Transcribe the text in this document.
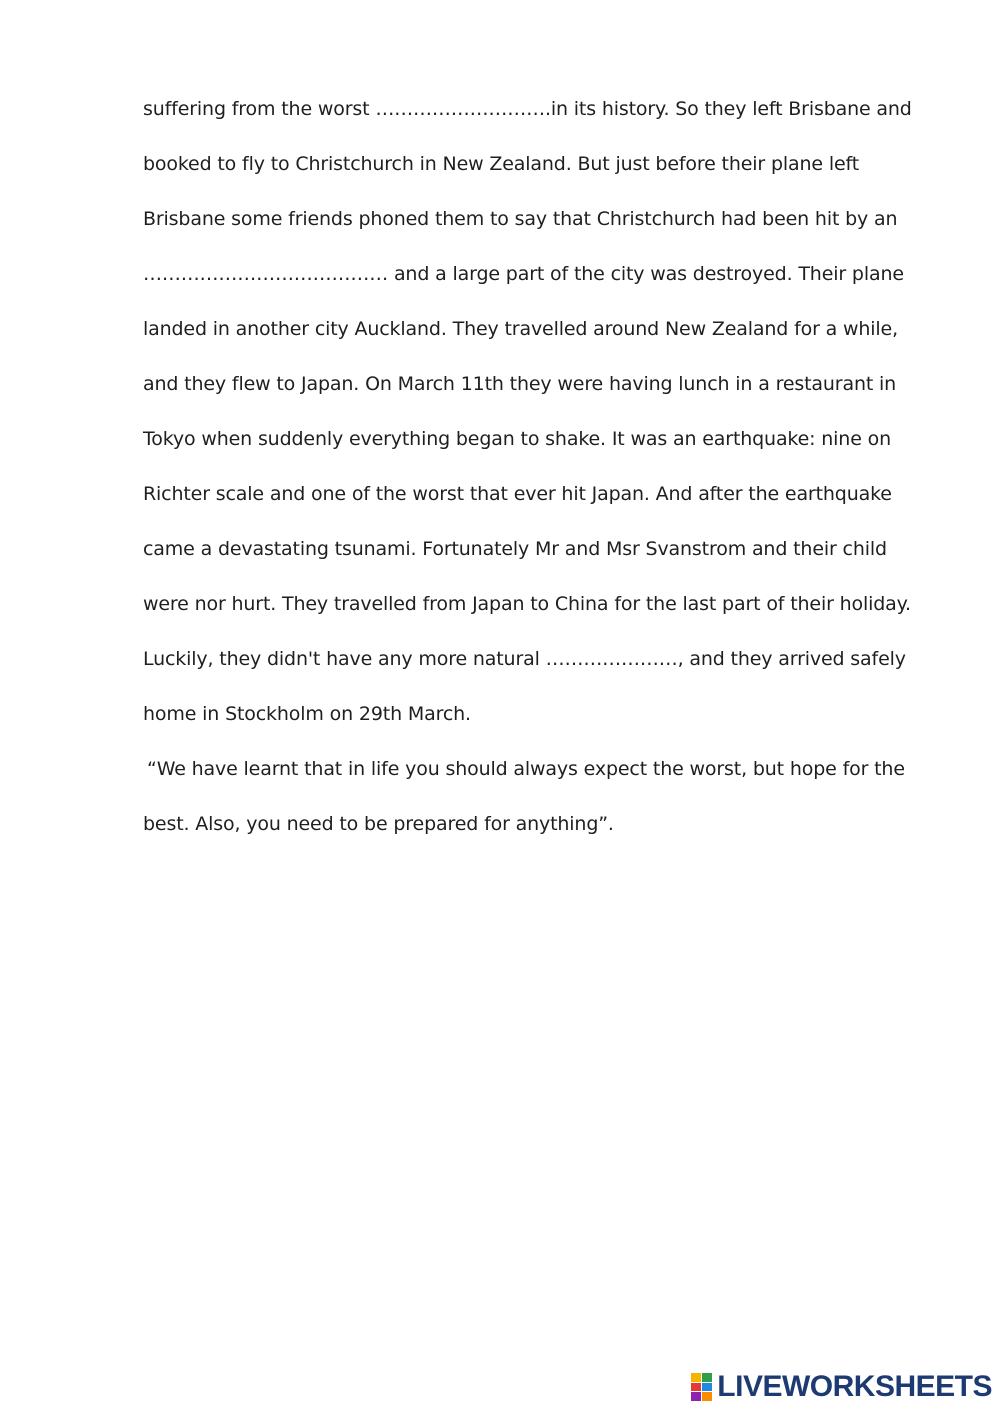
suffering from the worst ……………………….in its history. So they left Brisbane and
booked to fly to Christchurch in New Zealand. But just before their plane left
Brisbane some friends phoned them to say that Christchurch had been hit by an
………………………………… and a large part of the city was destroyed. Their plane
landed in another city Auckland. They travelled around New Zealand for a while,
and they flew to Japan. On March 11th they were having lunch in a restaurant in
Tokyo when suddenly everything began to shake. It was an earthquake: nine on
Richter scale and one of the worst that ever hit Japan. And after the earthquake
came a devastating tsunami. Fortunately Mr and Msr Svanstrom and their child
were nor hurt. They travelled from Japan to China for the last part of their holiday.
Luckily, they didn't have any more natural …………………, and they arrived safely
home in Stockholm on 29th March.
“We have learnt that in life you should always expect the worst, but hope for the
best. Also, you need to be prepared for anything”.
LIVEWORKSHEETS
